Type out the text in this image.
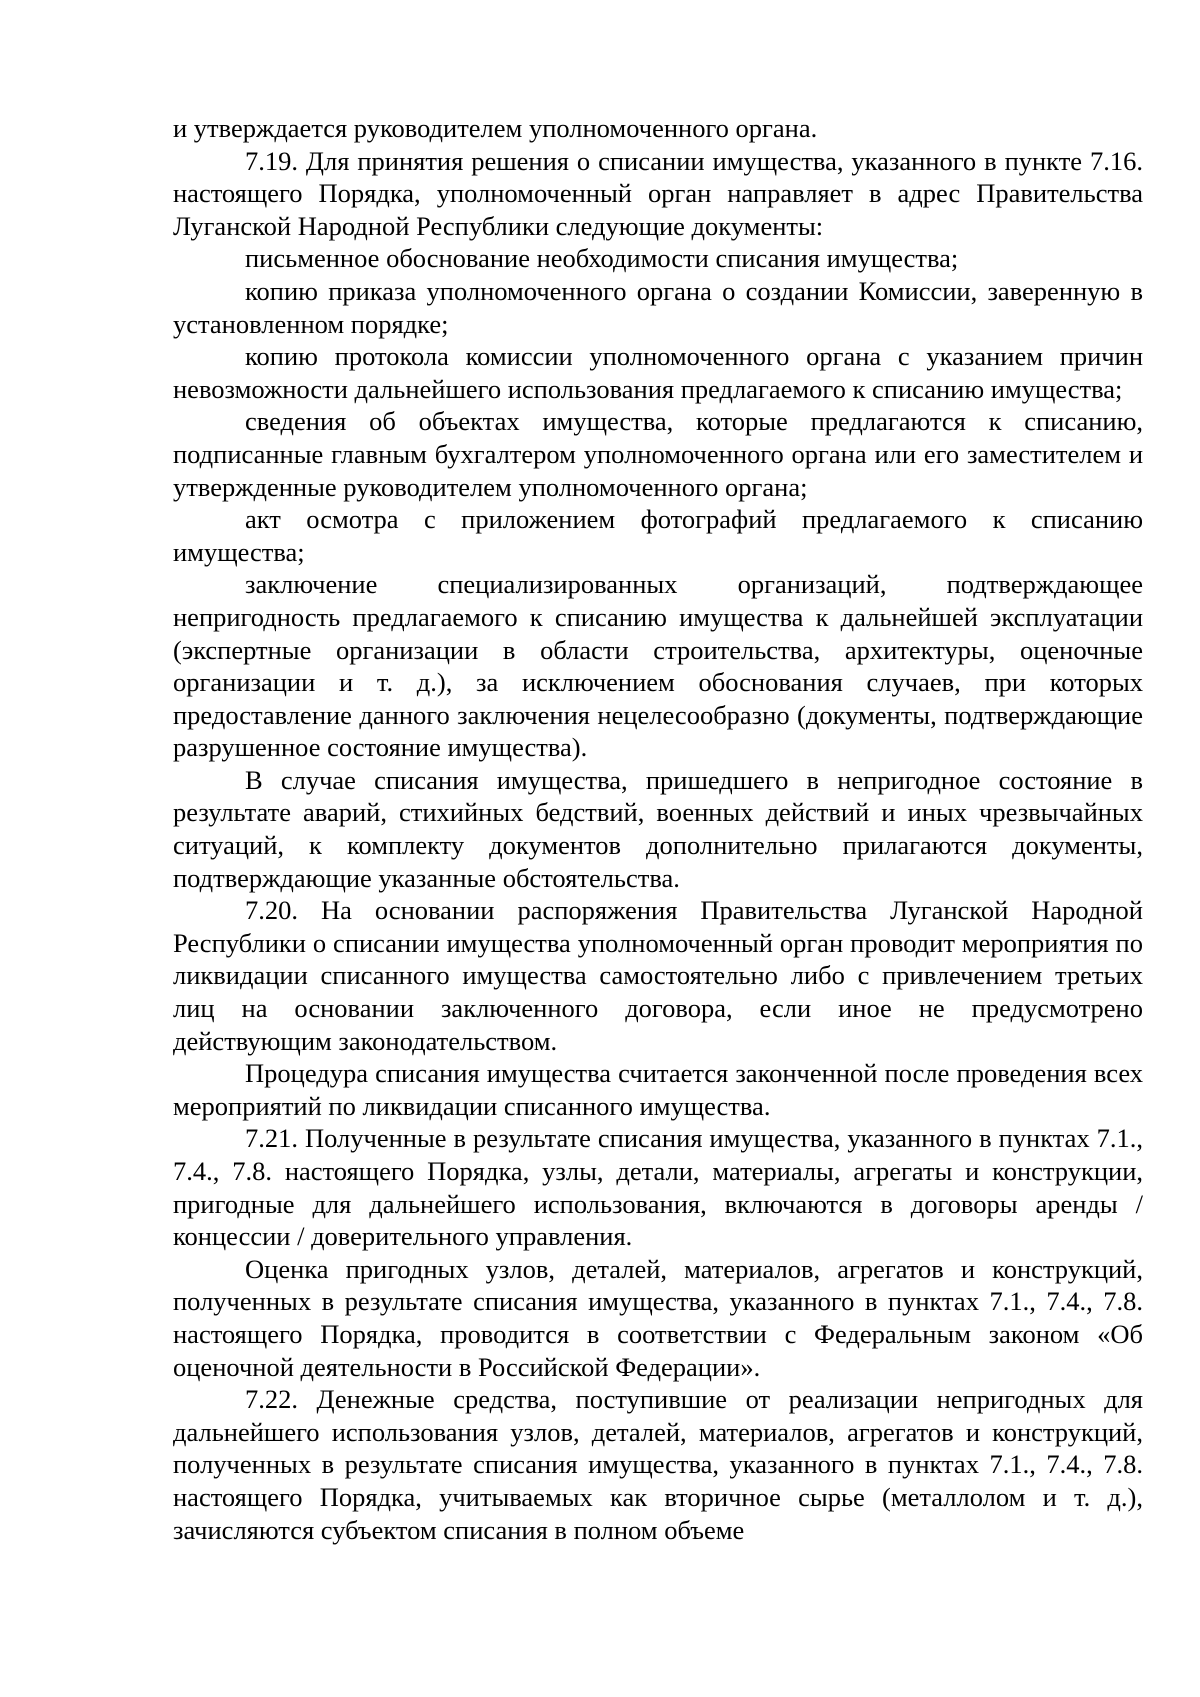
и утверждается руководителем уполномоченного органа.

7.19. Для принятия решения о списании имущества, указанного в пункте 7.16. настоящего Порядка, уполномоченный орган направляет в адрес Правительства Луганской Народной Республики следующие документы:

письменное обоснование необходимости списания имущества;

копию приказа уполномоченного органа о создании Комиссии, заверенную в установленном порядке;

копию протокола комиссии уполномоченного органа с указанием причин невозможности дальнейшего использования предлагаемого к списанию имущества;

сведения об объектах имущества, которые предлагаются к списанию, подписанные главным бухгалтером уполномоченного органа или его заместителем и утвержденные руководителем уполномоченного органа;

акт осмотра с приложением фотографий предлагаемого к списанию имущества;

заключение специализированных организаций, подтверждающее непригодность предлагаемого к списанию имущества к дальнейшей эксплуатации (экспертные организации в области строительства, архитектуры, оценочные организации и т. д.), за исключением обоснования случаев, при которых предоставление данного заключения нецелесообразно (документы, подтверждающие разрушенное состояние имущества).

В случае списания имущества, пришедшего в непригодное состояние в результате аварий, стихийных бедствий, военных действий и иных чрезвычайных ситуаций, к комплекту документов дополнительно прилагаются документы, подтверждающие указанные обстоятельства.

7.20. На основании распоряжения Правительства Луганской Народной Республики о списании имущества уполномоченный орган проводит мероприятия по ликвидации списанного имущества самостоятельно либо с привлечением третьих лиц на основании заключенного договора, если иное не предусмотрено действующим законодательством.

Процедура списания имущества считается законченной после проведения всех мероприятий по ликвидации списанного имущества.

7.21. Полученные в результате списания имущества, указанного в пунктах 7.1., 7.4., 7.8. настоящего Порядка, узлы, детали, материалы, агрегаты и конструкции, пригодные для дальнейшего использования, включаются в договоры аренды / концессии / доверительного управления.

Оценка пригодных узлов, деталей, материалов, агрегатов и конструкций, полученных в результате списания имущества, указанного в пунктах 7.1., 7.4., 7.8. настоящего Порядка, проводится в соответствии с Федеральным законом «Об оценочной деятельности в Российской Федерации».

7.22. Денежные средства, поступившие от реализации непригодных для дальнейшего использования узлов, деталей, материалов, агрегатов и конструкций, полученных в результате списания имущества, указанного в пунктах 7.1., 7.4., 7.8. настоящего Порядка, учитываемых как вторичное сырье (металлолом и т. д.), зачисляются субъектом списания в полном объеме
